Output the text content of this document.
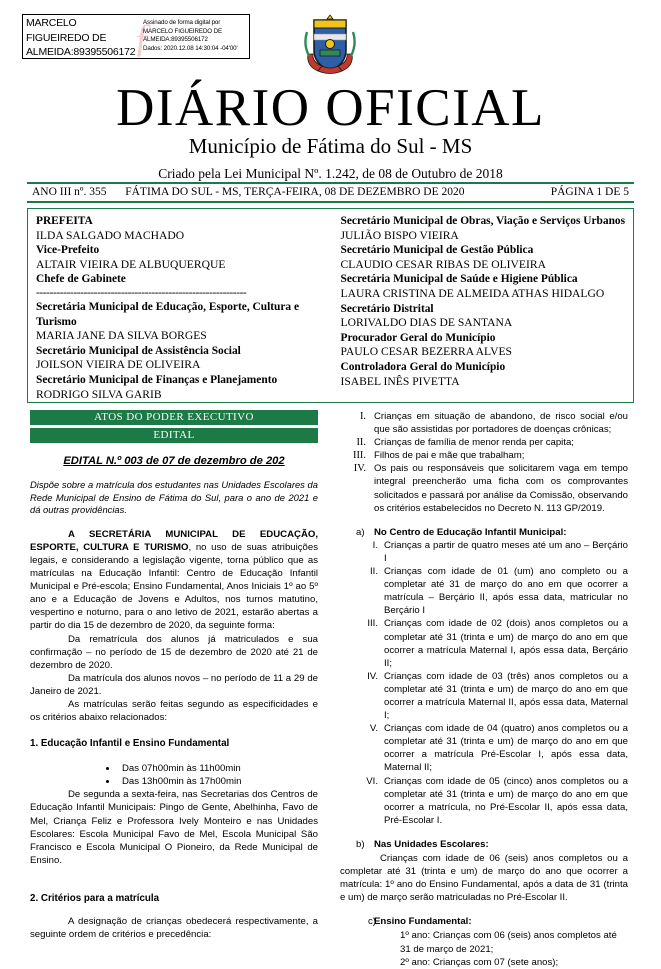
ƒ
MARCELO FIGUEIREDO DE ALMEIDA:89395506172
Assinado de forma digital por
MARCELO FIGUEIREDO DE
ALMEIDA:89395506172
Dados: 2020.12.08 14:30:04 -04'00'
DIÁRIO OFICIAL
Município de Fátima do Sul - MS
Criado pela Lei Municipal Nº. 1.242, de 08 de Outubro de 2018
ANO III nº. 355 FÁTIMA DO SUL - MS, TERÇA-FEIRA, 08 DE DEZEMBRO DE 2020	PÁGINA 1 DE 5
PREFEITA
ILDA SALGADO MACHADO
Vice-Prefeito
ALTAIR VIEIRA DE ALBUQUERQUE
Chefe de Gabinete
--------------------------------------------------------------
Secretária Municipal de Educação, Esporte, Cultura e Turismo
MARIA JANE DA SILVA BORGES
Secretário Municipal de Assistência Social
JOILSON VIEIRA DE OLIVEIRA
Secretário Municipal de Finanças e Planejamento
RODRIGO SILVA GARIB
Secretário Municipal de Obras, Viação e Serviços Urbanos
JULIÃO BISPO VIEIRA
Secretário Municipal de Gestão Pública
CLAUDIO CESAR RIBAS DE OLIVEIRA
Secretária Municipal de Saúde e Higiene Pública
LAURA CRISTINA DE ALMEIDA ATHAS HIDALGO
Secretário Distrital
LORIVALDO DIAS DE SANTANA
Procurador Geral do Município
PAULO CESAR BEZERRA ALVES
Controladora Geral do Município
ISABEL INÊS PIVETTA
ATOS DO PODER EXECUTIVO
EDITAL
EDITAL N.º 003 de 07 de dezembro de 202
Dispõe sobre a matrícula dos estudantes nas Unidades Escolares da Rede Municipal de Ensino de Fátima do Sul, para o ano de 2021 e dá outras providências.

A SECRETÁRIA MUNICIPAL DE EDUCAÇÃO, ESPORTE, CULTURA E TURISMO, no uso de suas atribuições legais, e considerando a legislação vigente, torna público que as matrículas na Educação Infantil: Centro de Educação Infantil Municipal e Pré-escola; Ensino Fundamental, Anos Iniciais 1º ao 5º ano e a Educação de Jovens e Adultos, nos turnos matutino, vespertino e noturno, para o ano letivo de 2021, estarão abertas a partir do dia 15 de dezembro de 2020, da seguinte forma:

Da rematrícula dos alunos já matriculados e sua confirmação – no período de 15 de dezembro de 2020 até 21 de dezembro de 2020.

Da matrícula dos alunos novos – no período de 11 a 29 de Janeiro de 2021.

As matrículas serão feitas segundo as especificidades e os critérios abaixo relacionados:

1. Educação Infantil e Ensino Fundamental
• Das 07h00min às 11h00min
• Das 13h00min às 17h00min

De segunda a sexta-feira, nas Secretarias dos Centros de Educação Infantil Municipais: Pingo de Gente, Abelhinha, Favo de Mel, Criança Feliz e Professora Ively Monteiro e nas Unidades Escolares: Escola Municipal Favo de Mel, Escola Municipal São Francisco e Escola Municipal O Pioneiro, da Rede Municipal de Ensino.

2. Critérios para a matrícula

A designação de crianças obedecerá respectivamente, a seguinte ordem de critérios e precedência:

I. Crianças em situação de abandono, de risco social e/ou que são assistidas por portadores de doenças crônicas;
II. Crianças de família de menor renda per capita;
III. Filhos de pai e mãe que trabalham;
IV. Os pais ou responsáveis que solicitarem vaga em tempo integral preencherão uma ficha com os comprovantes solicitados e passará por análise da Comissão, observando os critérios estabelecidos no Decreto N. 113 GP/2019.
a) No Centro de Educação Infantil Municipal:
I. Crianças a partir de quatro meses até um ano – Berçário I
II. Crianças com idade de 01 (um) ano completo ou a completar até 31 de março do ano em que ocorrer a matrícula – Berçário II, após essa data, matricular no Berçário I
III. Crianças com idade de 02 (dois) anos completos ou a completar até 31 (trinta e um) de março do ano em que ocorrer a matrícula Maternal I, após essa data, Berçário II;
IV. Crianças com idade de 03 (três) anos completos ou a completar até 31 (trinta e um) de março do ano em que ocorrer a matrícula Maternal II, após essa data, Maternal I;
V. Crianças com idade de 04 (quatro) anos completos ou a completar até 31 (trinta e um) de março do ano em que ocorrer a matrícula Pré-Escolar I, após essa data, Maternal II;
VI. Crianças com idade de 05 (cinco) anos completos ou a completar até 31 (trinta e um) de março do ano em que ocorrer a matrícula, no Pré-Escolar II, após essa data, Pré-Escolar I.
b) Nas Unidades Escolares:
Crianças com idade de 06 (seis) anos completos ou a completar até 31 (trinta e um) de março do ano que ocorrer a matrícula: 1º ano do Ensino Fundamental, após a data de 31 (trinta e um) de março serão matriculadas no Pré-Escolar II.
c)
Ensino Fundamental:
1º ano: Crianças com 06 (seis) anos completos até
31 de março de 2021;
2º ano: Crianças com 07 (sete anos);
